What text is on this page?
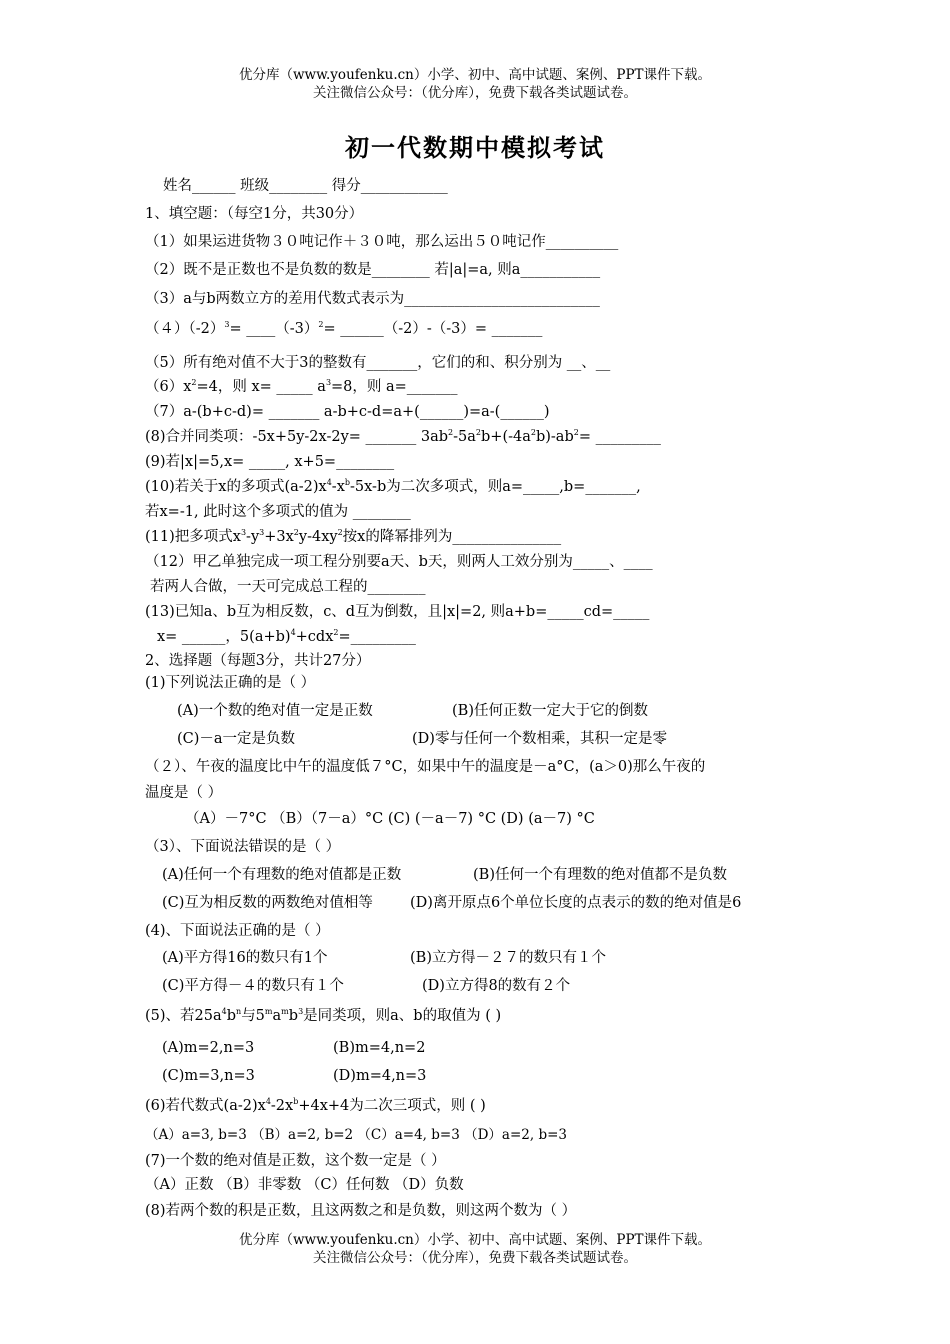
优分库（www.youfenku.cn）小学、初中、高中试题、案例、PPT课件下载。
关注微信公众号：（优分库），免费下载各类试题试卷。
初一代数期中模拟考试
姓名______ 班级________ 得分____________
1、填空题：（每空1分，共30分）
（1）如果运进货物３０吨记作＋３０吨，那么运出５０吨记作__________
（2）既不是正数也不是负数的数是________ 若|a|=a, 则a___________
（3）a与b两数立方的差用代数式表示为___________________________
$(4)(-2)^3=$ $\_\_\_\_(-3)^2=$ ______（-2）-（-3）= _______
（5）所有绝对值不大于3的整数有_______，它们的和、积分别为 __、__
$(6)x^2=4$，则 x= _____ $a^3=8$，则 a=_______
（7）a-(b+c-d)= _______ a-b+c-d=a+(______)=a-(______)
(8)合并同类项：-5x+5y-2x-2y= _______ $3ab^2-5a^2b+(-4a^2b)-ab^2=$ _________
(9)若|x|=5,x= _____, x+5=________
(10)若关于x的多项式$(a-2)x^4-x^b-5x-b$为二次多项式，则a=_____,b=_______,
若x=-1, 此时这个多项式的值为 ________
(11)把多项式$x^3-y^3+3x^2y-4xy^2$按x的降幂排列为_______________
（12）甲乙单独完成一项工程分别要a天、b天，则两人工效分别为_____、____
若两人合做，一天可完成总工程的________
(13)已知a、b互为相反数，c、d互为倒数，且|x|=2, 则a+b=_____cd=_____
x= ______，$5(a+b)^4+cdx^2=\_\_\_\_\_\_\_\_\_$
2、选择题（每题3分，共计27分）
(1)下列说法正确的是（ ）
(A)一个数的绝对值一定是正数	(B)任何正数一定大于它的倒数
(C)－a一定是负数	(D)零与任何一个数相乘，其积一定是零
（２）、午夜的温度比中午的温度低７°C，如果中午的温度是－a°C，(a＞0)那么午夜的
温度是（ ）
（A）－7°C （B）（7－a）°C (C) (－a－7) °C (D) (a－7) °C
（3）、下面说法错误的是（ ）
(A)任何一个有理数的绝对值都是正数	(B)任何一个有理数的绝对值都不是负数
(C)互为相反数的两数绝对值相等	(D)离开原点6个单位长度的点表示的数的绝对值是6
(4)、下面说法正确的是（ ）
(A)平方得16的数只有1个	(B)立方得－２７的数只有１个
(C)平方得－４的数只有１个	(D)立方得8的数有２个
(5)、若$25a^4b^n$与$5^ma^mb^3$是同类项，则a、b的取值为 ( )
(A)m=2,n=3	(B)m=4,n=2
(C)m=3,n=3	(D)m=4,n=3
(6)若代数式$(a-2)x^4-2x^b+4x+4$为二次三项式，则 ( )
（A）a=3, b=3 （B）a=2, b=2 （C）a=4, b=3 （D）a=2, b=3
(7)一个数的绝对值是正数，这个数一定是（ ）
（A）正数 （B）非零数 （C）任何数 （D）负数
(8)若两个数的积是正数，且这两数之和是负数，则这两个数为（ ）
优分库（www.youfenku.cn）小学、初中、高中试题、案例、PPT课件下载。
关注微信公众号：（优分库），免费下载各类试题试卷。
